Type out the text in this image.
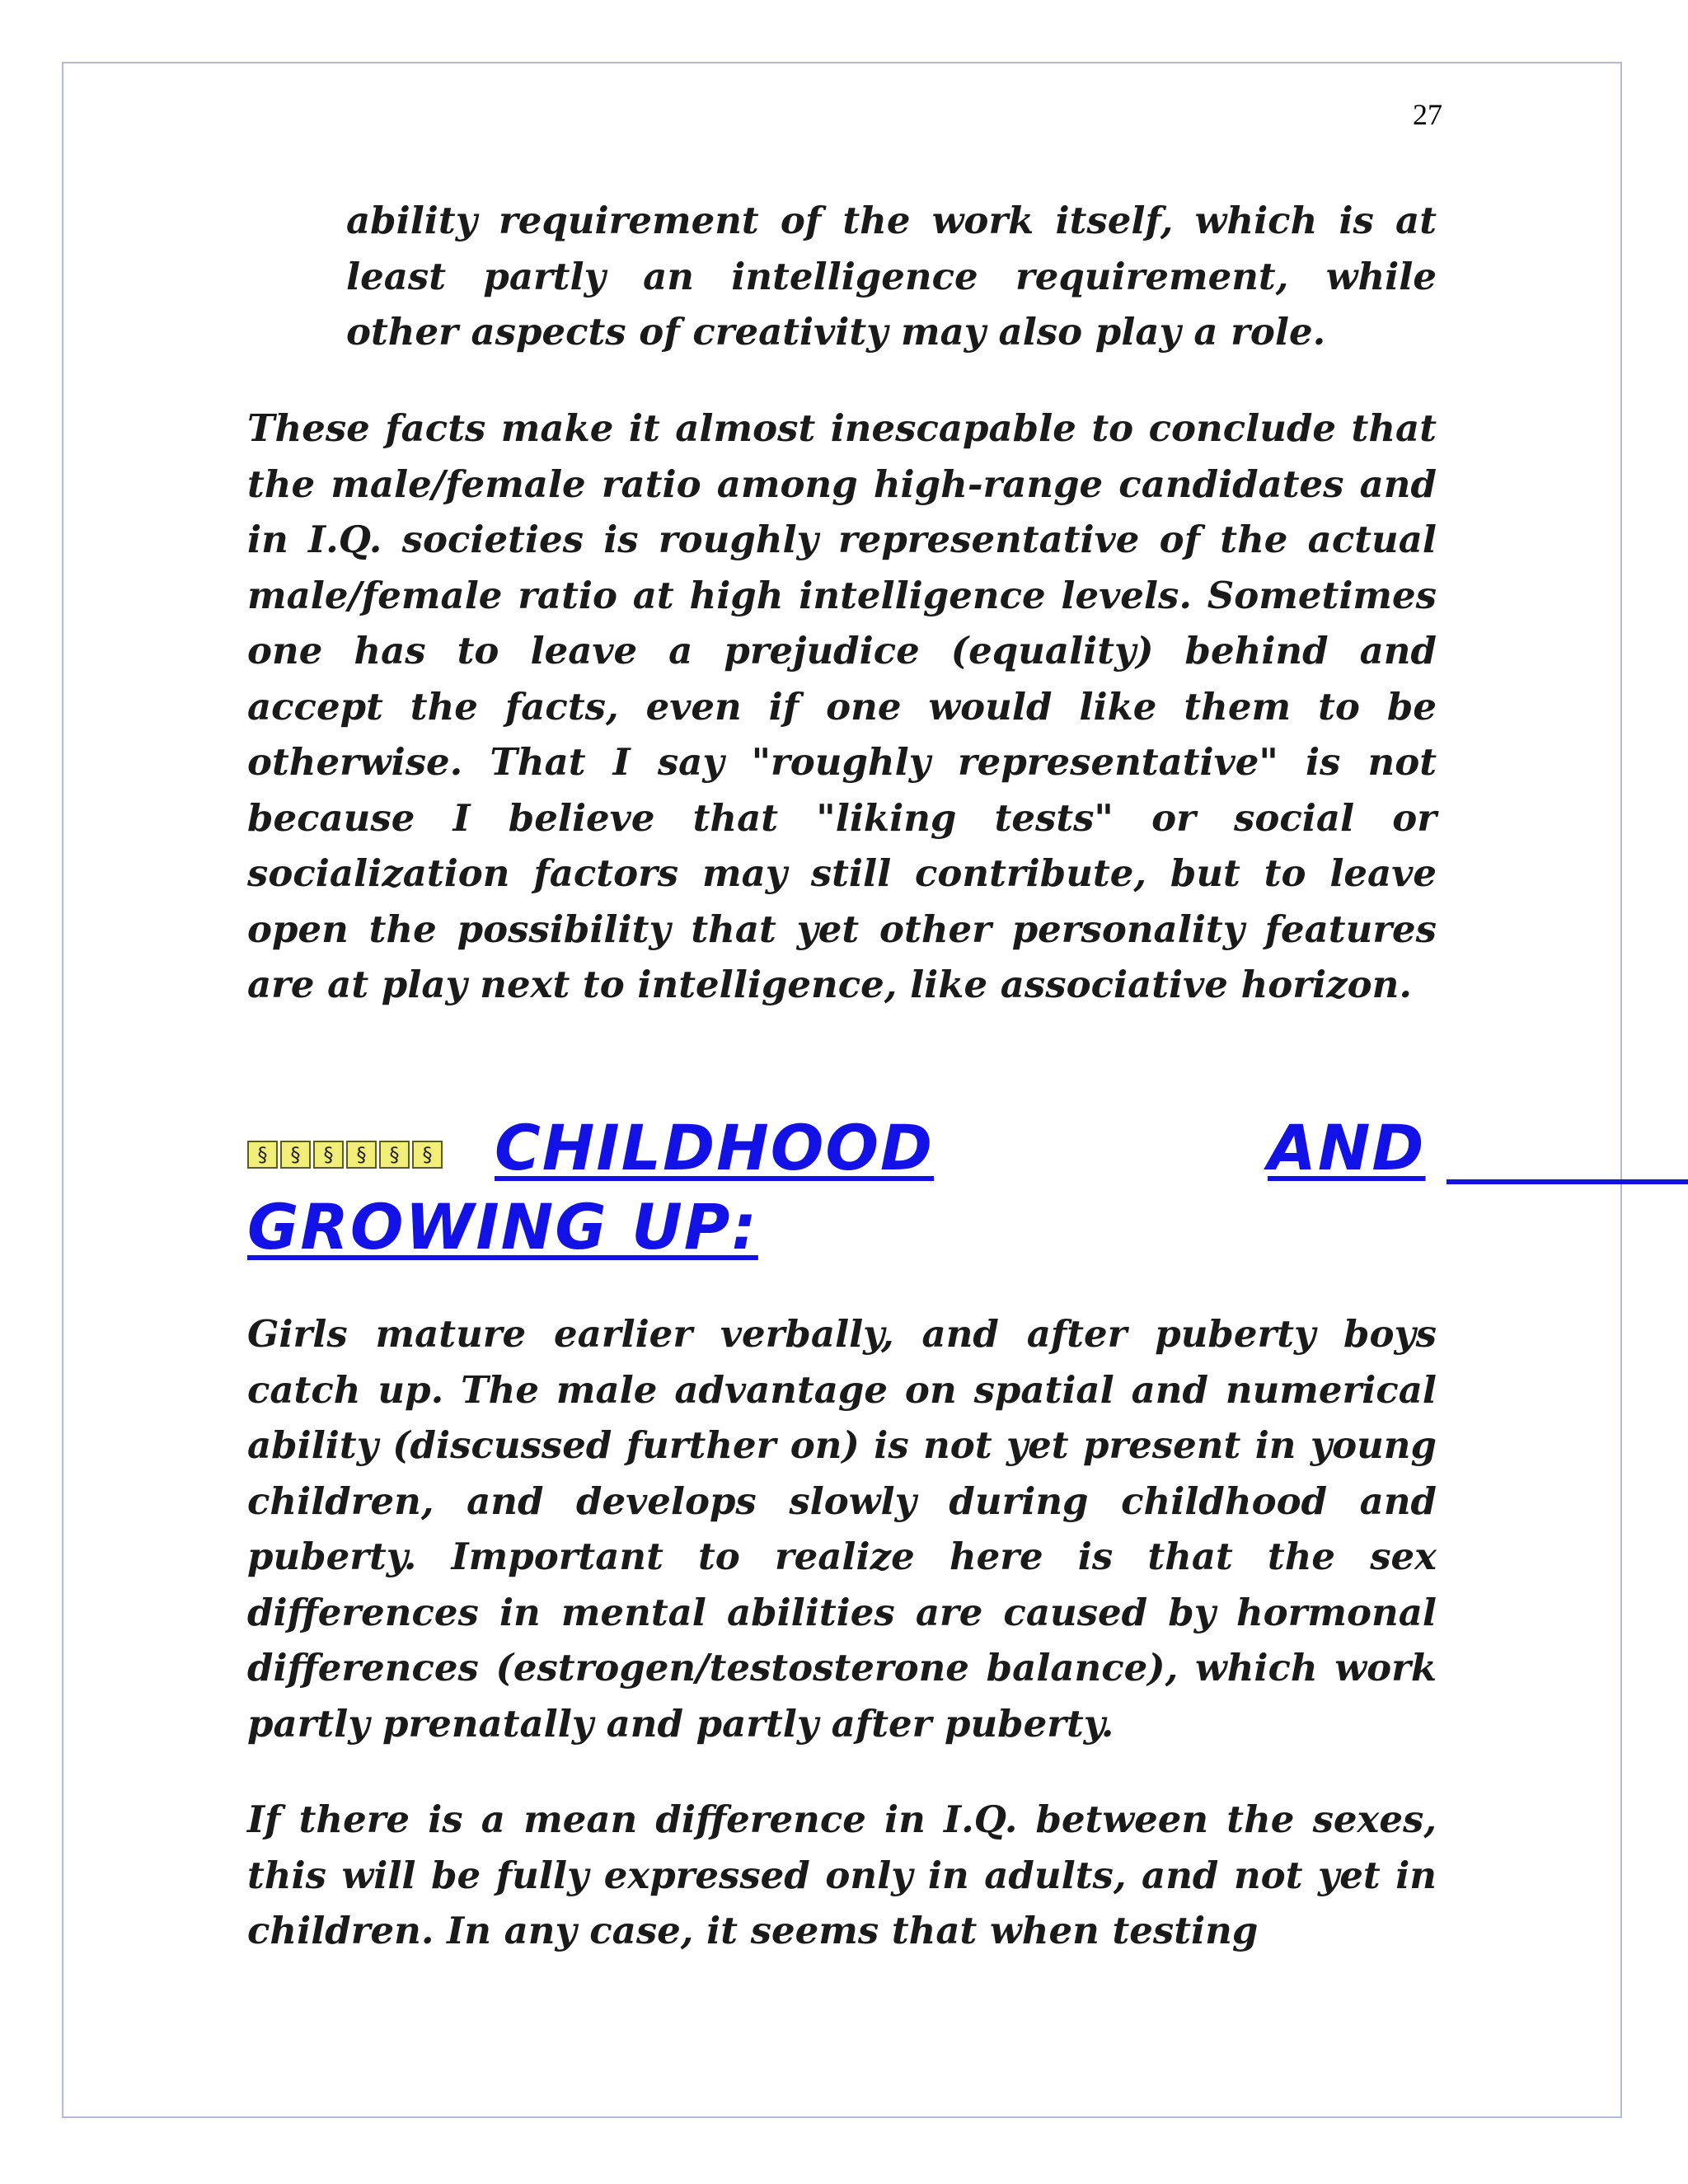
27

ability requirement of the work itself, which is at least partly an intelligence requirement, while other aspects of creativity may also play a role.

These facts make it almost inescapable to conclude that the male/female ratio among high-range candidates and in I.Q. societies is roughly representative of the actual male/female ratio at high intelligence levels. Sometimes one has to leave a prejudice (equality) behind and accept the facts, even if one would like them to be otherwise. That I say "roughly representative" is not because I believe that "liking tests" or social or socialization factors may still contribute, but to leave open the possibility that yet other personality features are at play next to intelligence, like associative horizon.

§	§	§	§	§	§ CHILDHOOD	AND
GROWING UP:

Girls mature earlier verbally, and after puberty boys catch up. The male advantage on spatial and numerical ability (discussed further on) is not yet present in young children, and develops slowly during childhood and puberty. Important to realize here is that the sex differences in mental abilities are caused by hormonal differences (estrogen/testosterone balance), which work partly prenatally and partly after puberty.

If there is a mean difference in I.Q. between the sexes, this will be fully expressed only in adults, and not yet in children. In any case, it seems that when testing
